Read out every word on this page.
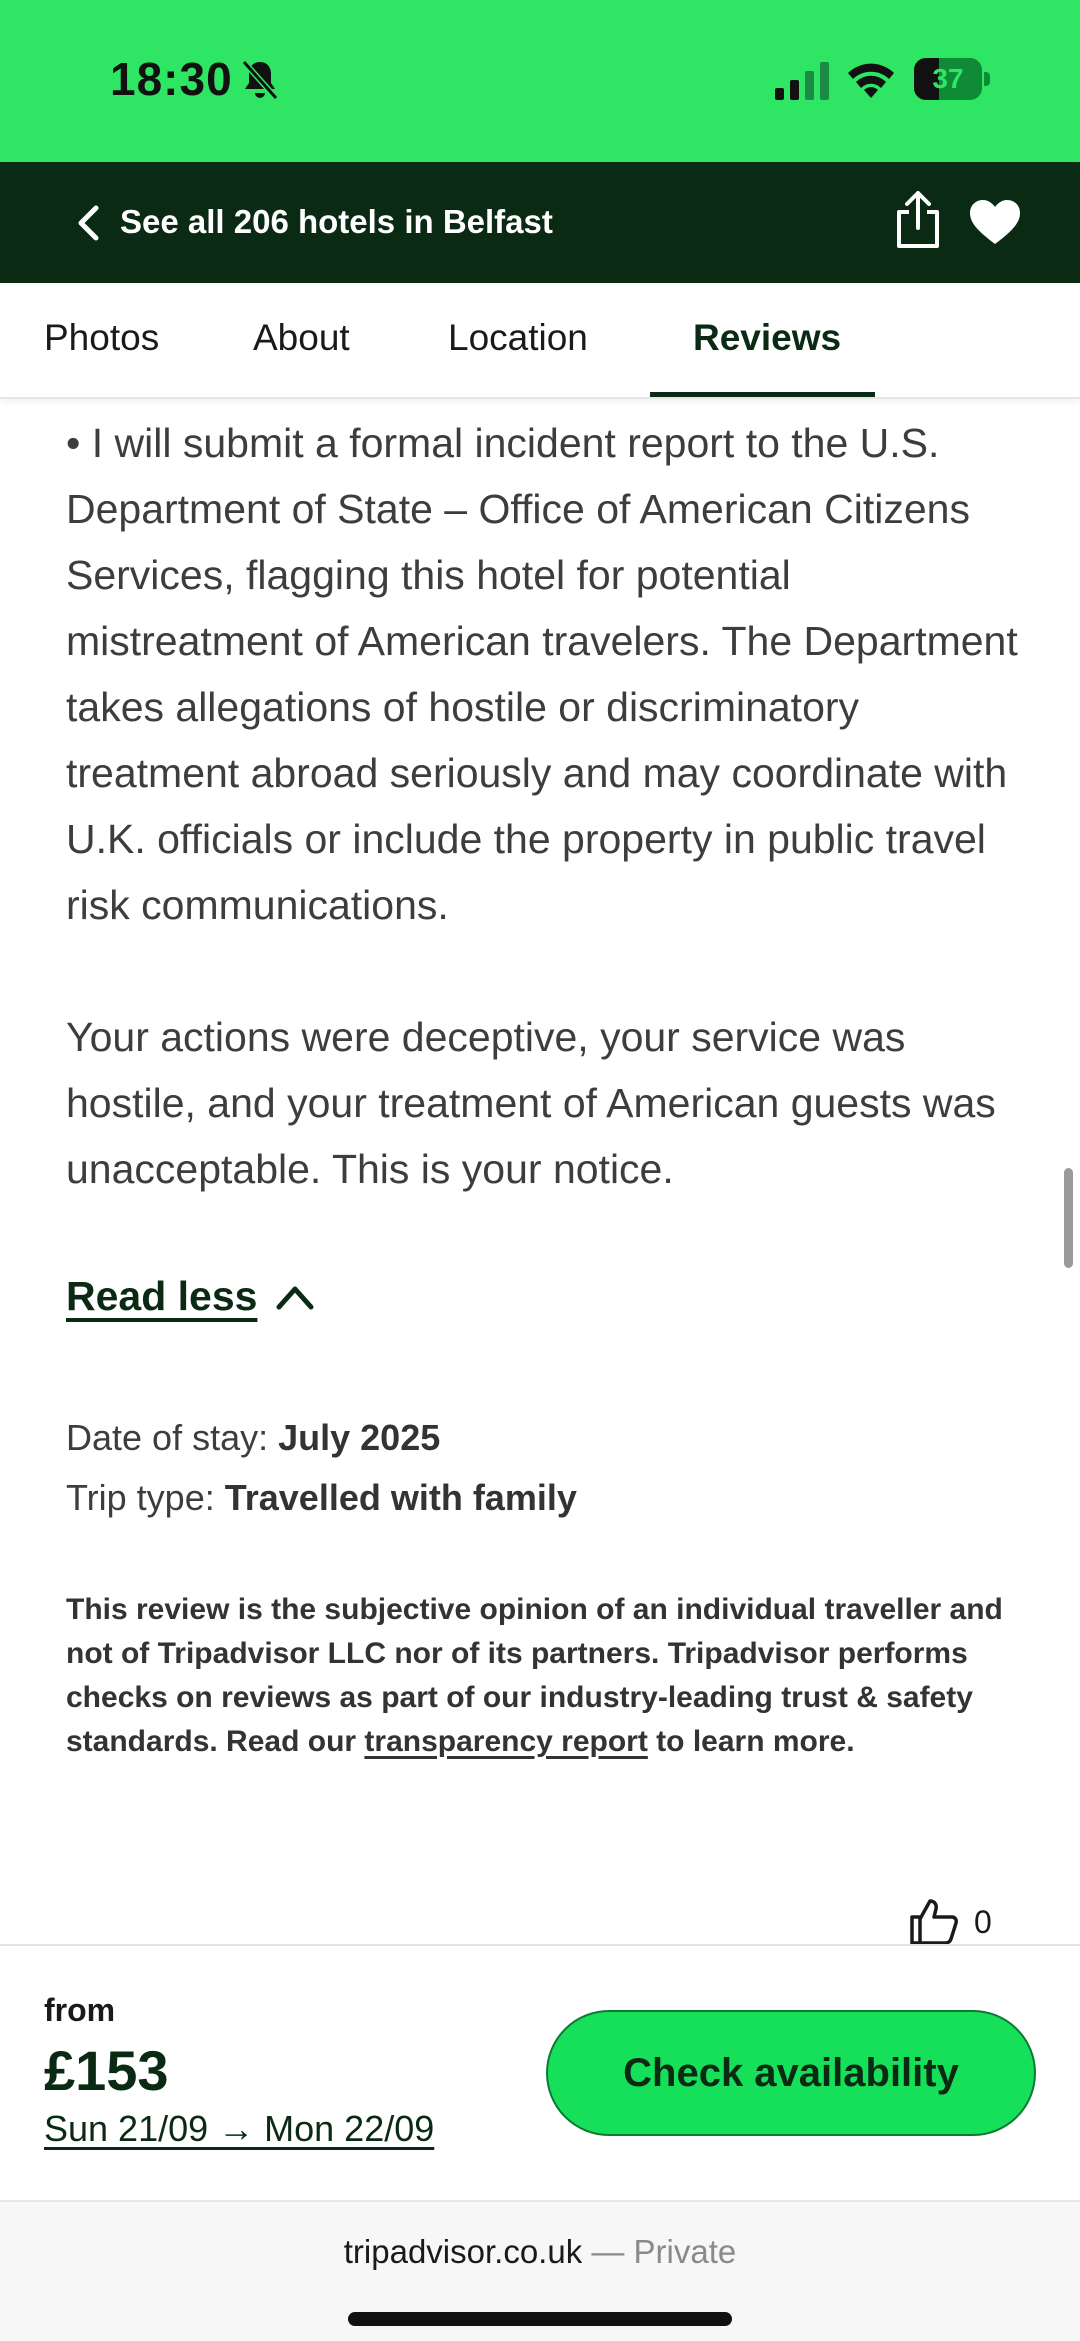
18:30	37
See all 206 hotels in Belfast
Photos	About	Location	Reviews

• I will submit a formal incident report to the U.S. Department of State – Office of American Citizens Services, flagging this hotel for potential mistreatment of American travelers. The Department takes allegations of hostile or discriminatory treatment abroad seriously and may coordinate with U.K. officials or include the property in public travel risk communications.

Your actions were deceptive, your service was hostile, and your treatment of American guests was unacceptable. This is your notice.

Read less
Date of stay: July 2025
Trip type: Travelled with family
This review is the subjective opinion of an individual traveller and not of Tripadvisor LLC nor of its partners. Tripadvisor performs checks on reviews as part of our industry-leading trust & safety standards. Read our transparency report to learn more.
0
from
£153
Sun 21/09 → Mon 22/09
Check availability
tripadvisor.co.uk — Private
